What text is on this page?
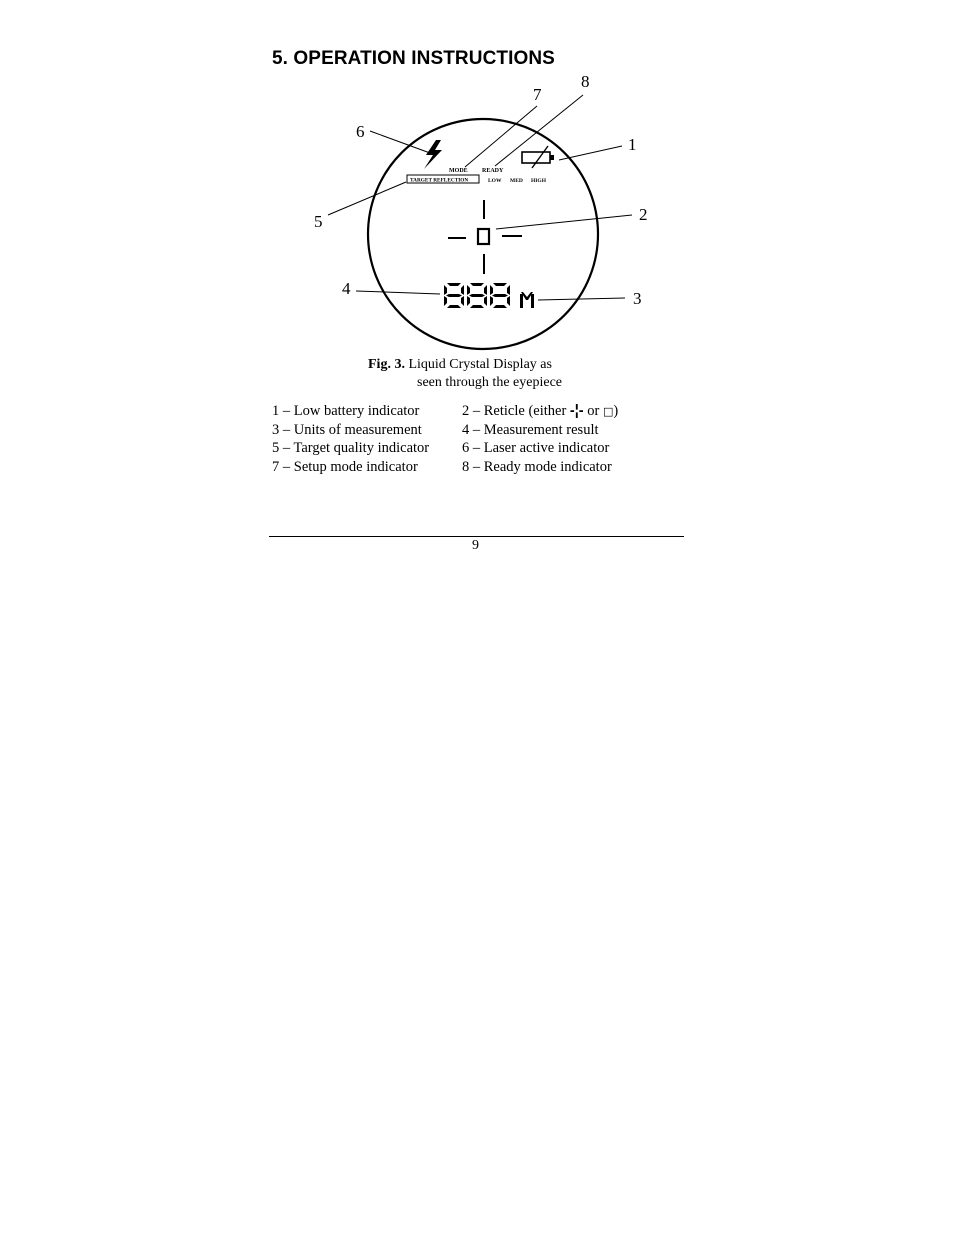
5. OPERATION INSTRUCTIONS
MODE READY
TARGET REFLECTION	LOW MED HIGH
6
7
8
1
5	2
4
3
Fig. 3. Liquid Crystal Display as
seen through the eyepiece
1 – Low battery indicator	2 – Reticle (either -¦- or □)
3 – Units of measurement	4 – Measurement result
5 – Target quality indicator	6 – Laser active indicator
7 – Setup mode indicator	8 – Ready mode indicator
9
